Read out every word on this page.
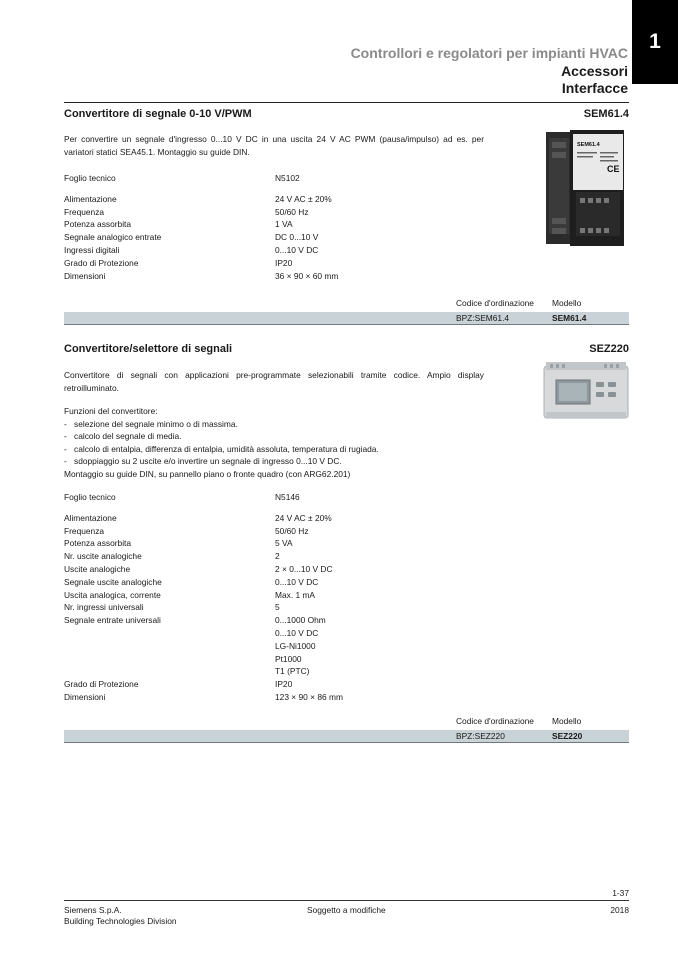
1
Controllori e regolatori per impianti HVAC
Accessori
Interfacce
Convertitore di segnale 0-10 V/PWM	SEM61.4
Per convertire un segnale d'ingresso 0...10 V DC in una uscita 24 V AC PWM (pausa/impulso) ad es. per variatori statici SEA45.1. Montaggio su guide DIN.
SEM61.4
CE
Foglio tecnico	N5102
Alimentazione	24 V AC ± 20%
Frequenza	50/60 Hz
Potenza assorbita	1 VA
Segnale analogico entrate	DC 0...10 V
Ingressi digitali	0...10 V DC
Grado di Protezione	IP20
Dimensioni	36 × 90 × 60 mm
Codice d'ordinazione Modello
BPZ:SEM61.4	SEM61.4
Convertitore/selettore di segnali	SEZ220
Convertitore di segnali con applicazioni pre-programmate selezionabili tramite codice. Ampio display retroilluminato.
Funzioni del convertitore:
- selezione del segnale minimo o di massima.
- calcolo del segnale di media.
- calcolo di entalpia, differenza di entalpia, umidità assoluta, temperatura di rugiada.
- sdoppiaggio su 2 uscite e/o invertire un segnale di ingresso 0...10 V DC.
Montaggio su guide DIN, su pannello piano o fronte quadro (con ARG62.201)
Foglio tecnico	N5146
Alimentazione	24 V AC ± 20%
Frequenza	50/60 Hz
Potenza assorbita	5 VA
Nr. uscite analogiche	2
Uscite analogiche	2 × 0...10 V DC
Segnale uscite analogiche	0...10 V DC
Uscita analogica, corrente	Max. 1 mA
Nr. ingressi universali	5
Segnale entrate universali	0...1000 Ohm
0...10 V DC
LG-Ni1000
Pt1000
T1 (PTC)
Grado di Protezione	IP20
Dimensioni	123 × 90 × 86 mm
Codice d'ordinazione Modello
BPZ:SEZ220	SEZ220
1-37
Siemens S.p.A.
Building Technologies Division
Soggetto a modifiche	2018
